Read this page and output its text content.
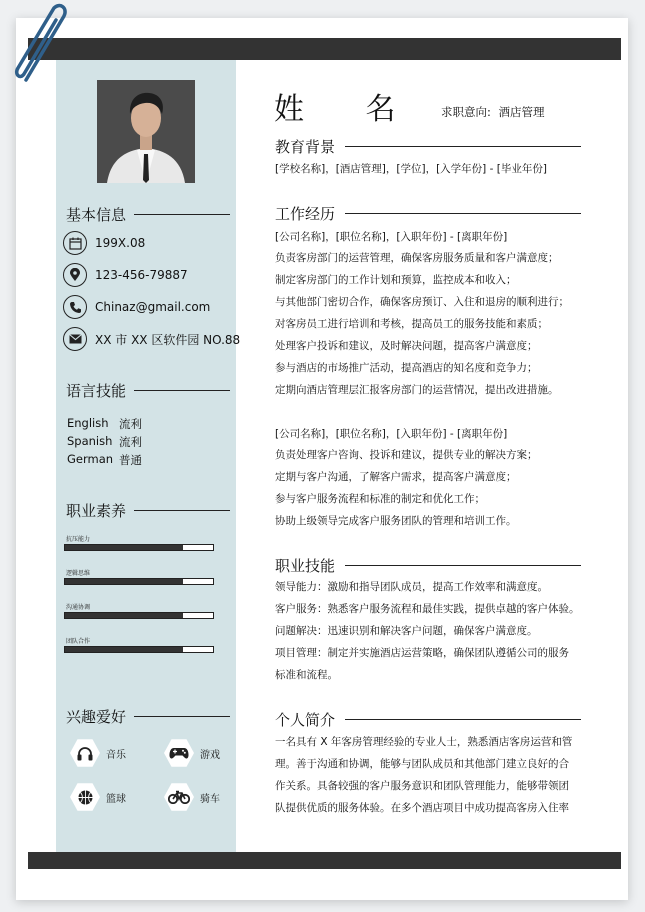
姓 名 求职意向: 酒店管理
基本信息
199X.08
123-456-79887
Chinaz@gmail.com
XX 市 XX 区软件园 NO.88
语言技能
English 流利
Spanish 流利
German 普通
职业素养
抗压能力
逻辑思维
沟通协调
团队合作
兴趣爱好
音乐	游戏
篮球	骑车
教育背景
[学校名称]，[酒店管理]，[学位]，[入学年份] - [毕业年份]
工作经历
[公司名称]，[职位名称]，[入职年份] - [离职年份]
负责客房部门的运营管理，确保客房服务质量和客户满意度；
制定客房部门的工作计划和预算，监控成本和收入；
与其他部门密切合作，确保客房预订、入住和退房的顺利进行；
对客房员工进行培训和考核，提高员工的服务技能和素质；
处理客户投诉和建议，及时解决问题，提高客户满意度；
参与酒店的市场推广活动，提高酒店的知名度和竞争力；
定期向酒店管理层汇报客房部门的运营情况，提出改进措施。
[公司名称]，[职位名称]，[入职年份] - [离职年份]
负责处理客户咨询、投诉和建议，提供专业的解决方案；
定期与客户沟通，了解客户需求，提高客户满意度；
参与客户服务流程和标准的制定和优化工作；
协助上级领导完成客户服务团队的管理和培训工作。
职业技能
领导能力：激励和指导团队成员，提高工作效率和满意度。
客户服务：熟悉客户服务流程和最佳实践，提供卓越的客户体验。
问题解决：迅速识别和解决客户问题，确保客户满意度。
项目管理：制定并实施酒店运营策略，确保团队遵循公司的服务
标准和流程。
个人简介
一名具有 X 年客房管理经验的专业人士，熟悉酒店客房运营和管
理。善于沟通和协调，能够与团队成员和其他部门建立良好的合
作关系。具备较强的客户服务意识和团队管理能力，能够带领团
队提供优质的服务体验。在多个酒店项目中成功提高客房入住率
